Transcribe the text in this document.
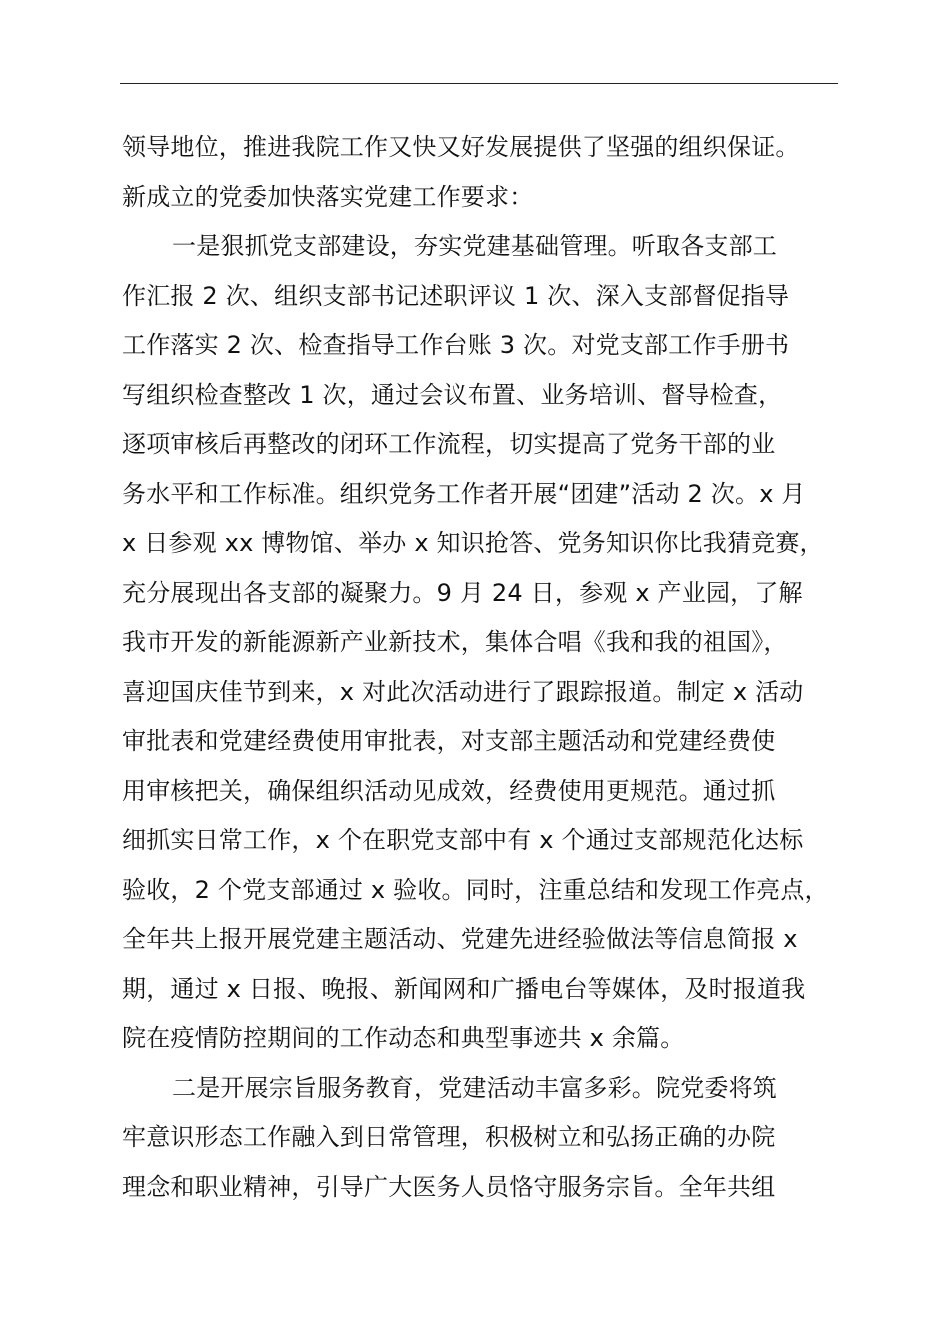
领导地位，推进我院工作又快又好发展提供了坚强的组织保证。
新成立的党委加快落实党建工作要求：
一是狠抓党支部建设，夯实党建基础管理。听取各支部工
作汇报 2 次、组织支部书记述职评议 1 次、深入支部督促指导
工作落实 2 次、检查指导工作台账 3 次。对党支部工作手册书
写组织检查整改 1 次，通过会议布置、业务培训、督导检查，
逐项审核后再整改的闭环工作流程，切实提高了党务干部的业
务水平和工作标准。组织党务工作者开展“团建”活动 2 次。x 月
x 日参观 xx 博物馆、举办 x 知识抢答、党务知识你比我猜竞赛，
充分展现出各支部的凝聚力。9 月 24 日，参观 x 产业园，了解
我市开发的新能源新产业新技术，集体合唱《我和我的祖国》，
喜迎国庆佳节到来，x 对此次活动进行了跟踪报道。制定 x 活动
审批表和党建经费使用审批表，对支部主题活动和党建经费使
用审核把关，确保组织活动见成效，经费使用更规范。通过抓
细抓实日常工作，x 个在职党支部中有 x 个通过支部规范化达标
验收，2 个党支部通过 x 验收。同时，注重总结和发现工作亮点，
全年共上报开展党建主题活动、党建先进经验做法等信息简报 x
期，通过 x 日报、晚报、新闻网和广播电台等媒体，及时报道我
院在疫情防控期间的工作动态和典型事迹共 x 余篇。
二是开展宗旨服务教育，党建活动丰富多彩。院党委将筑
牢意识形态工作融入到日常管理，积极树立和弘扬正确的办院
理念和职业精神，引导广大医务人员恪守服务宗旨。全年共组
